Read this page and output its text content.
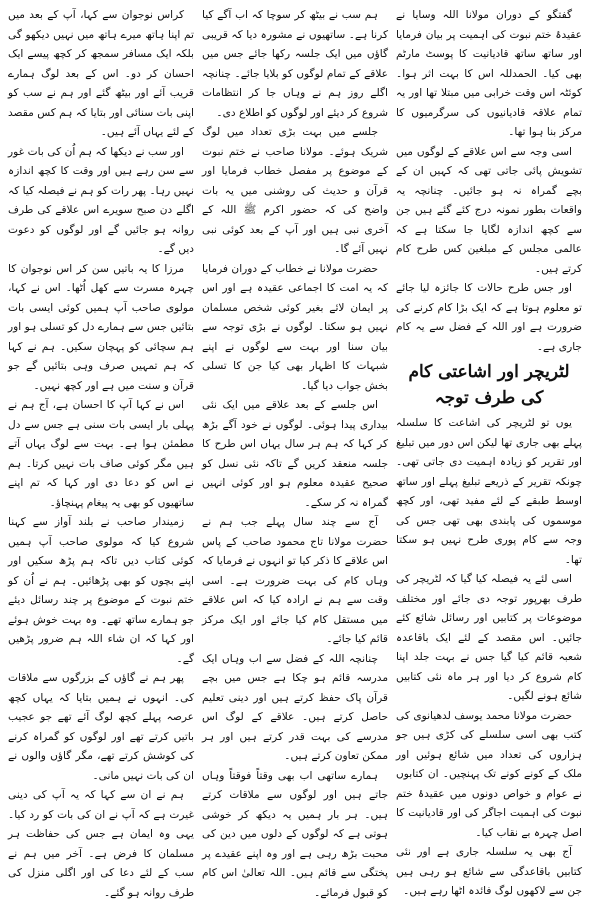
کراس نوجوان سے کہا، آپ کے بعد میں تم اپنا ہاتھ میرے ہاتھ میں نہیں دیکھو گی بلکہ ایک مسافر سمجھ کر کچھ پیسے ایک احسان کر دو۔ اس کے بعد لوگ ہمارے قریب آئے اور بیٹھ گئے اور ہم نے سب کو اپنی بات سنائی اور بتایا کہ ہم کس مقصد کے لئے یہاں آئے ہیں۔

اور سب نے دیکھا کہ ہم اُن کی بات غور سے سن رہے ہیں اور وقت کا کچھ اندازہ نہیں رہا۔ پھر رات کو ہم نے فیصلہ کیا کہ اگلے دن صبح سویرے اس علاقے کی طرف روانہ ہو جائیں گے اور لوگوں کو دعوت دیں گے۔

مرزا کا یہ باتیں سن کر اس نوجوان کا چہرہ مسرت سے کھل اُٹھا۔ اس نے کہا، مولوی صاحب آپ ہمیں کوئی ایسی بات بتائیں جس سے ہمارے دل کو تسلی ہو اور ہم سچائی کو پہچان سکیں۔ ہم نے کہا کہ ہم تمہیں صرف وہی بتائیں گے جو قرآن و سنت میں ہے اور کچھ نہیں۔

اس نے کہا آپ کا احسان ہے، آج ہم نے پہلی بار ایسی بات سنی ہے جس سے دل مطمئن ہوا ہے۔ بہت سے لوگ یہاں آتے ہیں مگر کوئی صاف بات نہیں کرتا۔ ہم نے اس کو دعا دی اور کہا کہ تم اپنے ساتھیوں کو بھی یہ پیغام پہنچاؤ۔

زمیندار صاحب نے بلند آواز سے کہنا شروع کیا کہ مولوی صاحب آپ ہمیں کوئی کتاب دیں تاکہ ہم پڑھ سکیں اور اپنے بچوں کو بھی پڑھائیں۔ ہم نے اُن کو ختم نبوت کے موضوع پر چند رسائل دیئے جو ہمارے ساتھ تھے۔ وہ بہت خوش ہوئے اور کہا کہ ان شاء اللہ ہم ضرور پڑھیں گے۔

پھر ہم نے گاؤں کے بزرگوں سے ملاقات کی۔ انہوں نے ہمیں بتایا کہ یہاں کچھ عرصہ پہلے کچھ لوگ آئے تھے جو عجیب باتیں کرتے تھے اور لوگوں کو گمراہ کرنے کی کوشش کرتے تھے، مگر گاؤں والوں نے ان کی بات نہیں مانی۔

ہم نے ان سے کہا کہ یہ آپ کی دینی غیرت ہے کہ آپ نے ان کی بات کو رد کیا۔ یہی وہ ایمان ہے جس کی حفاظت ہر مسلمان کا فرض ہے۔ آخر میں ہم نے سب کے لئے دعا کی اور اگلی منزل کی طرف روانہ ہو گئے۔

ہم سب نے بیٹھ کر سوچا کہ اب آگے کیا کرنا ہے۔ ساتھیوں نے مشورہ دیا کہ قریبی گاؤں میں ایک جلسہ رکھا جائے جس میں علاقے کے تمام لوگوں کو بلایا جائے۔ چنانچہ اگلے روز ہم نے وہاں جا کر انتظامات شروع کر دیئے اور لوگوں کو اطلاع دی۔

جلسے میں بہت بڑی تعداد میں لوگ شریک ہوئے۔ مولانا صاحب نے ختم نبوت کے موضوع پر مفصل خطاب فرمایا اور قرآن و حدیث کی روشنی میں یہ بات واضح کی کہ حضور اکرم ﷺ اللہ کے آخری نبی ہیں اور آپ کے بعد کوئی نبی نہیں آئے گا۔

حضرت مولانا نے خطاب کے دوران فرمایا کہ یہ امت کا اجماعی عقیدہ ہے اور اس پر ایمان لائے بغیر کوئی شخص مسلمان نہیں ہو سکتا۔ لوگوں نے بڑی توجہ سے بیان سنا اور بہت سے لوگوں نے اپنے شبہات کا اظہار بھی کیا جن کا تسلی بخش جواب دیا گیا۔

اس جلسے کے بعد علاقے میں ایک نئی بیداری پیدا ہوئی۔ لوگوں نے خود آگے بڑھ کر کہا کہ ہم ہر سال یہاں اس طرح کا جلسہ منعقد کریں گے تاکہ نئی نسل کو صحیح عقیدہ معلوم ہو اور کوئی انہیں گمراہ نہ کر سکے۔

آج سے چند سال پہلے جب ہم نے حضرت مولانا تاج محمود صاحب کے پاس اس علاقے کا ذکر کیا تو انہوں نے فرمایا کہ وہاں کام کی بہت ضرورت ہے۔ اسی وقت سے ہم نے ارادہ کیا کہ اس علاقے میں مستقل کام کیا جائے اور ایک مرکز قائم کیا جائے۔

چنانچہ اللہ کے فضل سے اب وہاں ایک مدرسہ قائم ہو چکا ہے جس میں بچے قرآن پاک حفظ کرتے ہیں اور دینی تعلیم حاصل کرتے ہیں۔ علاقے کے لوگ اس مدرسے کی بہت قدر کرتے ہیں اور ہر ممکن تعاون کرتے ہیں۔

ہمارے ساتھی اب بھی وقتاً فوقتاً وہاں جاتے ہیں اور لوگوں سے ملاقات کرتے ہیں۔ ہر بار ہمیں یہ دیکھ کر خوشی ہوتی ہے کہ لوگوں کے دلوں میں دین کی محبت بڑھ رہی ہے اور وہ اپنے عقیدے پر پختگی سے قائم ہیں۔ اللہ تعالیٰ اس کام کو قبول فرمائے۔

گفتگو کے دوران مولانا اللہ وسایا نے عقیدۂ ختم نبوت کی اہمیت پر بیان فرمایا اور ساتھ ساتھ قادیانیت کا پوسٹ مارٹم بھی کیا۔ الحمدللہ اس کا بہت اثر ہوا۔ کوئٹہ اس وقت خرابی میں مبتلا تھا اور یہ تمام علاقہ قادیانیوں کی سرگرمیوں کا مرکز بنا ہوا تھا۔

اسی وجہ سے اس علاقے کے لوگوں میں تشویش پائی جاتی تھی کہ کہیں ان کے بچے گمراہ نہ ہو جائیں۔ چنانچہ یہ واقعات بطور نمونہ درج کئے گئے ہیں جن سے کچھ اندازہ لگایا جا سکتا ہے کہ عالمی مجلس کے مبلغین کس طرح کام کرتے ہیں۔

اور جس طرح حالات کا جائزہ لیا جائے تو معلوم ہوتا ہے کہ ایک بڑا کام کرنے کی ضرورت ہے اور اللہ کے فضل سے یہ کام جاری ہے۔

لٹریچر اور اشاعتی کام کی طرف توجہ

یوں تو لٹریچر کی اشاعت کا سلسلہ پہلے بھی جاری تھا لیکن اس دور میں تبلیغ اور تقریر کو زیادہ اہمیت دی جاتی تھی۔ چونکہ تقریر کے ذریعے تبلیغ پہلے اور ساتھ اوسط طبقے کے لئے مفید تھی، اور کچھ موسموں کی پابندی بھی تھی جس کی وجہ سے کام پوری طرح نہیں ہو سکتا تھا۔

اسی لئے یہ فیصلہ کیا گیا کہ لٹریچر کی طرف بھرپور توجہ دی جائے اور مختلف موضوعات پر کتابیں اور رسائل شائع کئے جائیں۔ اس مقصد کے لئے ایک باقاعدہ شعبہ قائم کیا گیا جس نے بہت جلد اپنا کام شروع کر دیا اور ہر ماہ نئی کتابیں شائع ہونے لگیں۔

حضرت مولانا محمد یوسف لدھیانوی کی کتب بھی اسی سلسلے کی کڑی ہیں جو ہزاروں کی تعداد میں شائع ہوئیں اور ملک کے کونے کونے تک پہنچیں۔ ان کتابوں نے عوام و خواص دونوں میں عقیدۂ ختم نبوت کی اہمیت اجاگر کی اور قادیانیت کا اصل چہرہ بے نقاب کیا۔

آج بھی یہ سلسلہ جاری ہے اور نئی کتابیں باقاعدگی سے شائع ہو رہی ہیں جن سے لاکھوں لوگ فائدہ اٹھا رہے ہیں۔
